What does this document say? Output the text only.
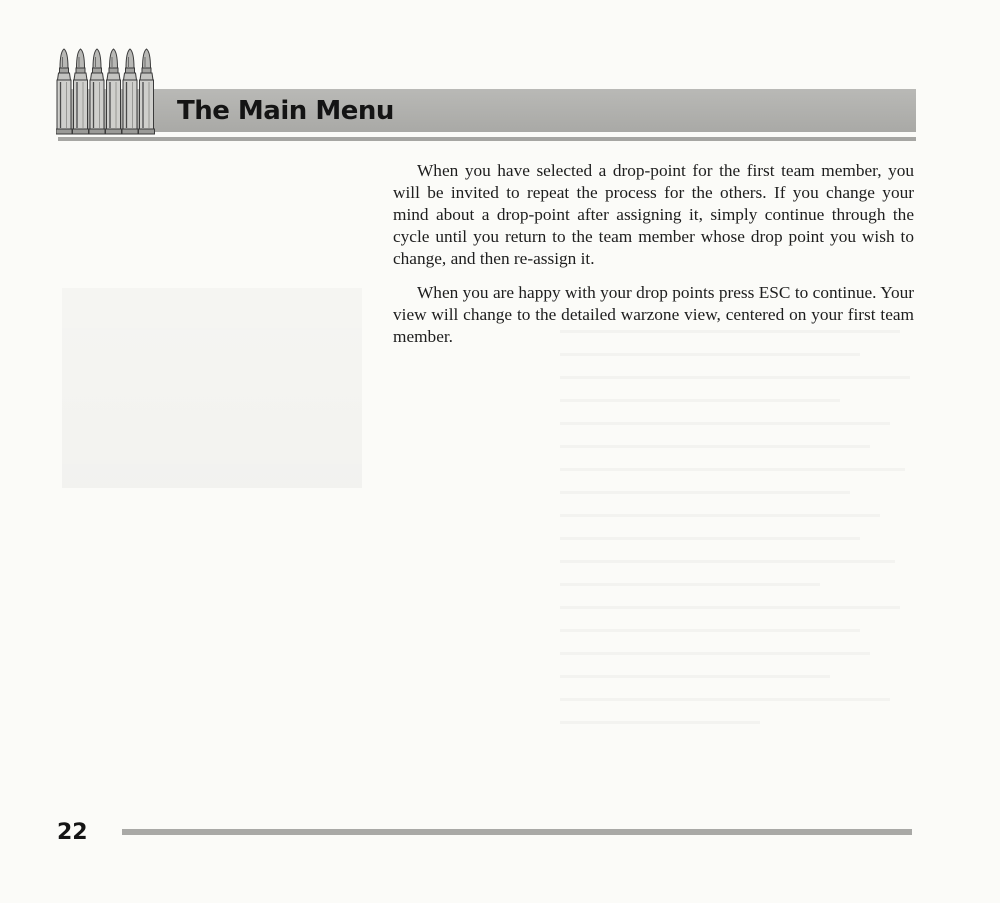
The Main Menu

When you have selected a drop-point for the first team member, you will be invited to repeat the process for the others. If you change your mind about a drop-point after assigning it, simply continue through the cycle until you return to the team member whose drop point you wish to change, and then re-assign it.

When you are happy with your drop points press ESC to continue. Your view will change to the detailed warzone view, centered on your first team member.

22
